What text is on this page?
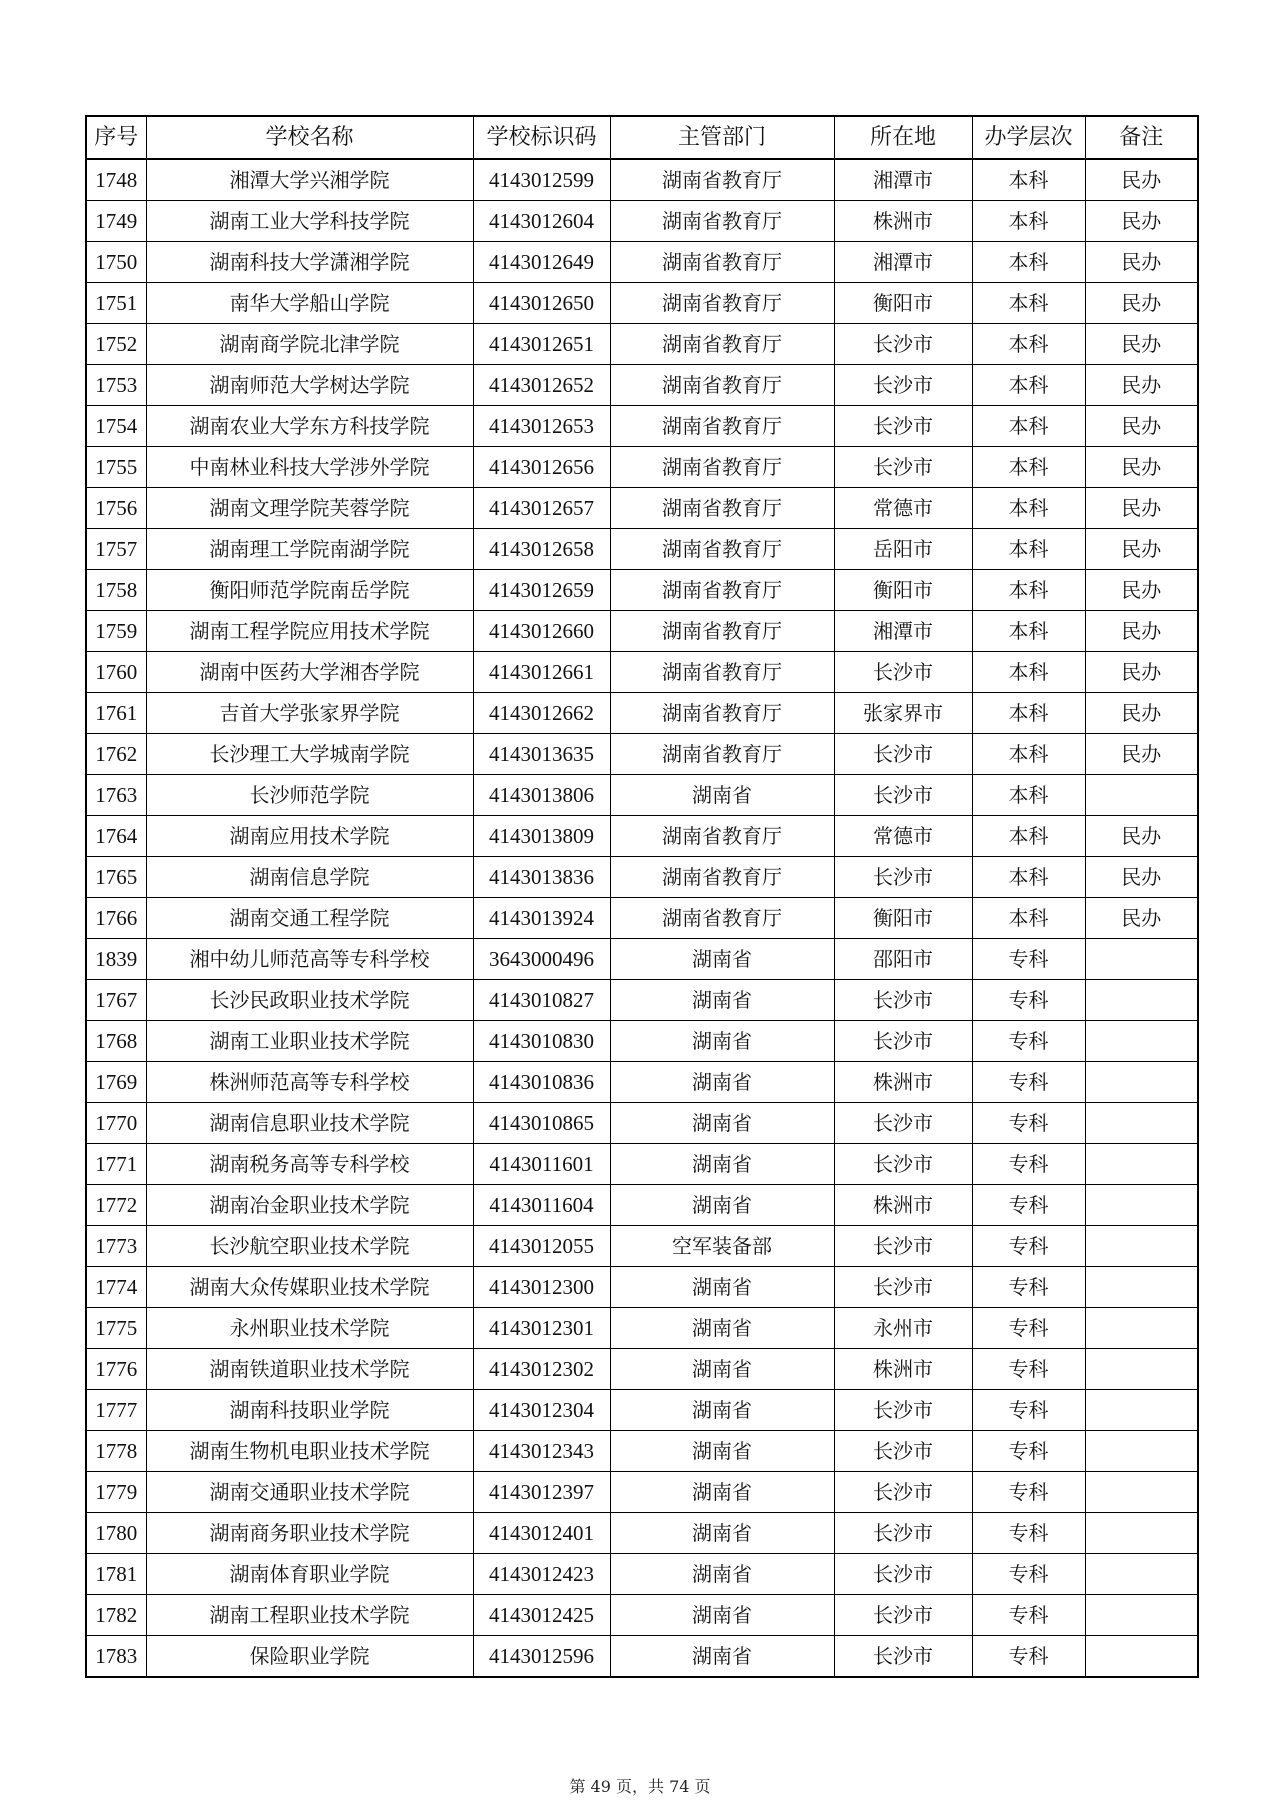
序号	学校名称	学校标识码	主管部门	所在地	办学层次	备注
1748	湘潭大学兴湘学院	4143012599	湖南省教育厅	湘潭市	本科	民办
1749	湖南工业大学科技学院	4143012604	湖南省教育厅	株洲市	本科	民办
1750	湖南科技大学潇湘学院	4143012649	湖南省教育厅	湘潭市	本科	民办
1751	南华大学船山学院	4143012650	湖南省教育厅	衡阳市	本科	民办
1752	湖南商学院北津学院	4143012651	湖南省教育厅	长沙市	本科	民办
1753	湖南师范大学树达学院	4143012652	湖南省教育厅	长沙市	本科	民办
1754	湖南农业大学东方科技学院	4143012653	湖南省教育厅	长沙市	本科	民办
1755	中南林业科技大学涉外学院	4143012656	湖南省教育厅	长沙市	本科	民办
1756	湖南文理学院芙蓉学院	4143012657	湖南省教育厅	常德市	本科	民办
1757	湖南理工学院南湖学院	4143012658	湖南省教育厅	岳阳市	本科	民办
1758	衡阳师范学院南岳学院	4143012659	湖南省教育厅	衡阳市	本科	民办
1759	湖南工程学院应用技术学院	4143012660	湖南省教育厅	湘潭市	本科	民办
1760	湖南中医药大学湘杏学院	4143012661	湖南省教育厅	长沙市	本科	民办
1761	吉首大学张家界学院	4143012662	湖南省教育厅	张家界市	本科	民办
1762	长沙理工大学城南学院	4143013635	湖南省教育厅	长沙市	本科	民办
1763	长沙师范学院	4143013806	湖南省	长沙市	本科	
1764	湖南应用技术学院	4143013809	湖南省教育厅	常德市	本科	民办
1765	湖南信息学院	4143013836	湖南省教育厅	长沙市	本科	民办
1766	湖南交通工程学院	4143013924	湖南省教育厅	衡阳市	本科	民办
1839	湘中幼儿师范高等专科学校	3643000496	湖南省	邵阳市	专科	
1767	长沙民政职业技术学院	4143010827	湖南省	长沙市	专科	
1768	湖南工业职业技术学院	4143010830	湖南省	长沙市	专科	
1769	株洲师范高等专科学校	4143010836	湖南省	株洲市	专科	
1770	湖南信息职业技术学院	4143010865	湖南省	长沙市	专科	
1771	湖南税务高等专科学校	4143011601	湖南省	长沙市	专科	
1772	湖南冶金职业技术学院	4143011604	湖南省	株洲市	专科	
1773	长沙航空职业技术学院	4143012055	空军装备部	长沙市	专科	
1774	湖南大众传媒职业技术学院	4143012300	湖南省	长沙市	专科	
1775	永州职业技术学院	4143012301	湖南省	永州市	专科	
1776	湖南铁道职业技术学院	4143012302	湖南省	株洲市	专科	
1777	湖南科技职业学院	4143012304	湖南省	长沙市	专科	
1778	湖南生物机电职业技术学院	4143012343	湖南省	长沙市	专科	
1779	湖南交通职业技术学院	4143012397	湖南省	长沙市	专科	
1780	湖南商务职业技术学院	4143012401	湖南省	长沙市	专科	
1781	湖南体育职业学院	4143012423	湖南省	长沙市	专科	
1782	湖南工程职业技术学院	4143012425	湖南省	长沙市	专科	
1783	保险职业学院	4143012596	湖南省	长沙市	专科	
第 49 页，共 74 页
